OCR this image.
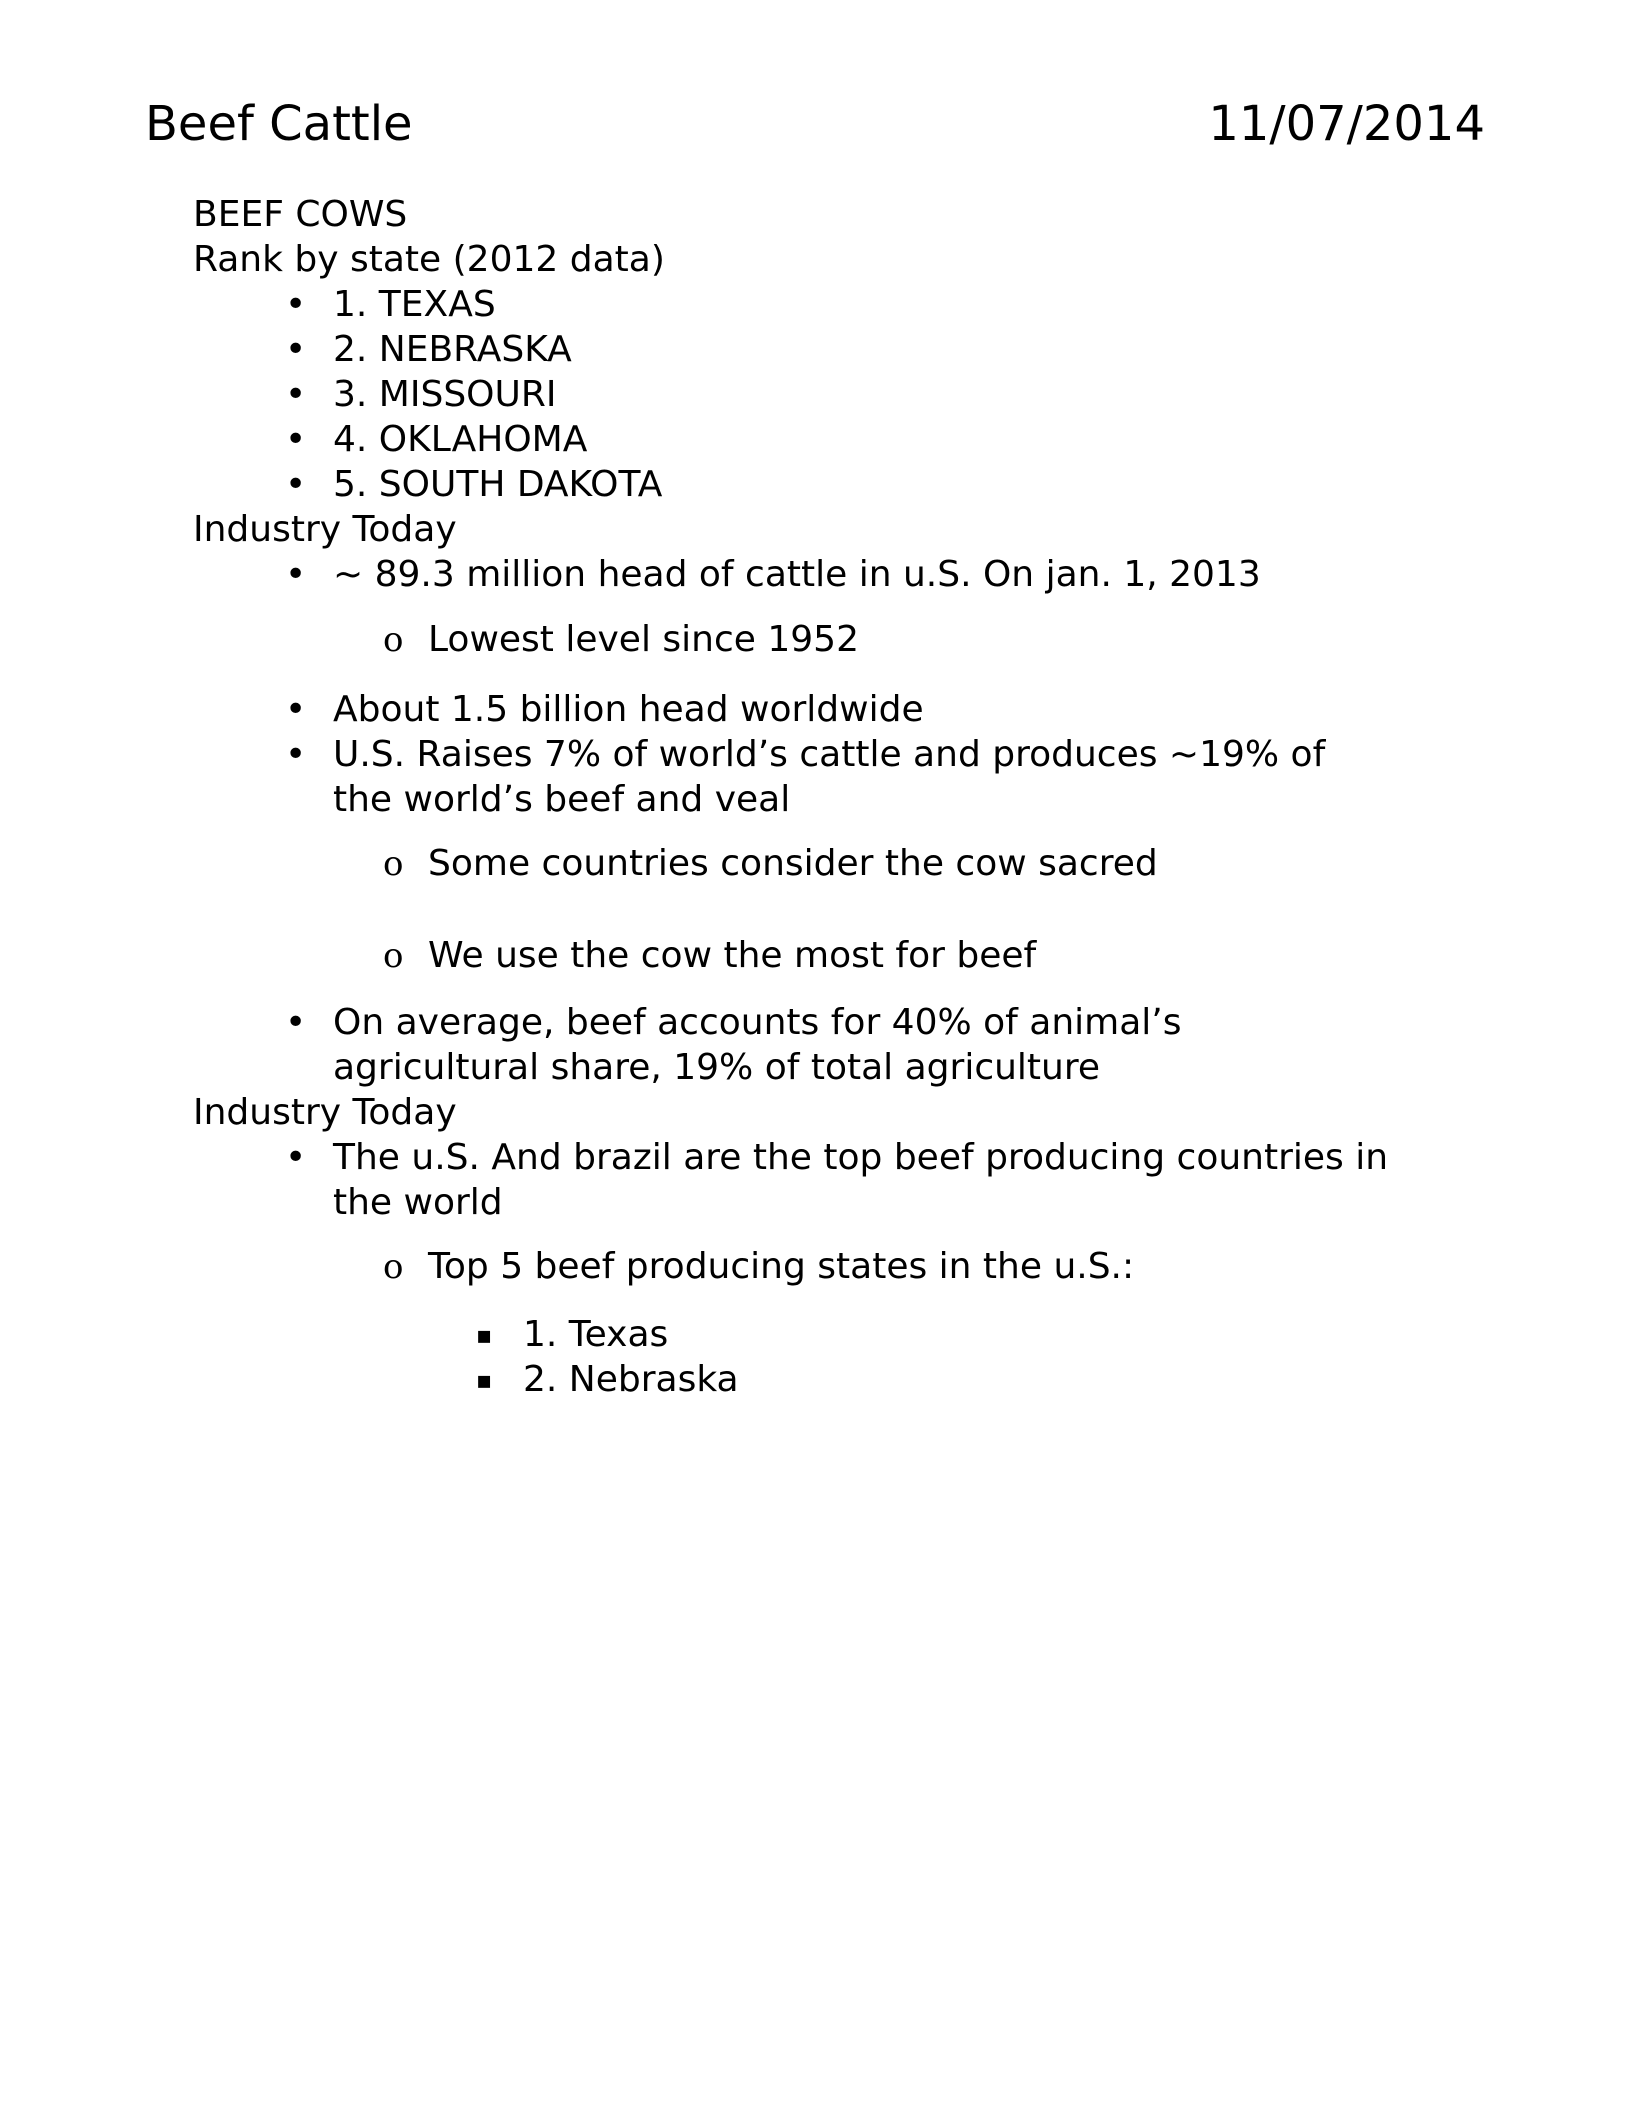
Beef Cattle	11/07/2014
BEEF COWS
Rank by state (2012 data)
• 1. TEXAS
• 2. NEBRASKA
• 3. MISSOURI
• 4. OKLAHOMA
• 5. SOUTH DAKOTA
Industry Today
• ~ 89.3 million head of cattle in u.S. On jan. 1, 2013
o Lowest level since 1952
• About 1.5 billion head worldwide
• U.S. Raises 7% of world’s cattle and produces ~19% of
the world’s beef and veal
o Some countries consider the cow sacred
o We use the cow the most for beef
• On average, beef accounts for 40% of animal’s
agricultural share, 19% of total agriculture
Industry Today
• The u.S. And brazil are the top beef producing countries in
the world
o Top 5 beef producing states in the u.S.:
▪ 1. Texas
▪ 2. Nebraska
